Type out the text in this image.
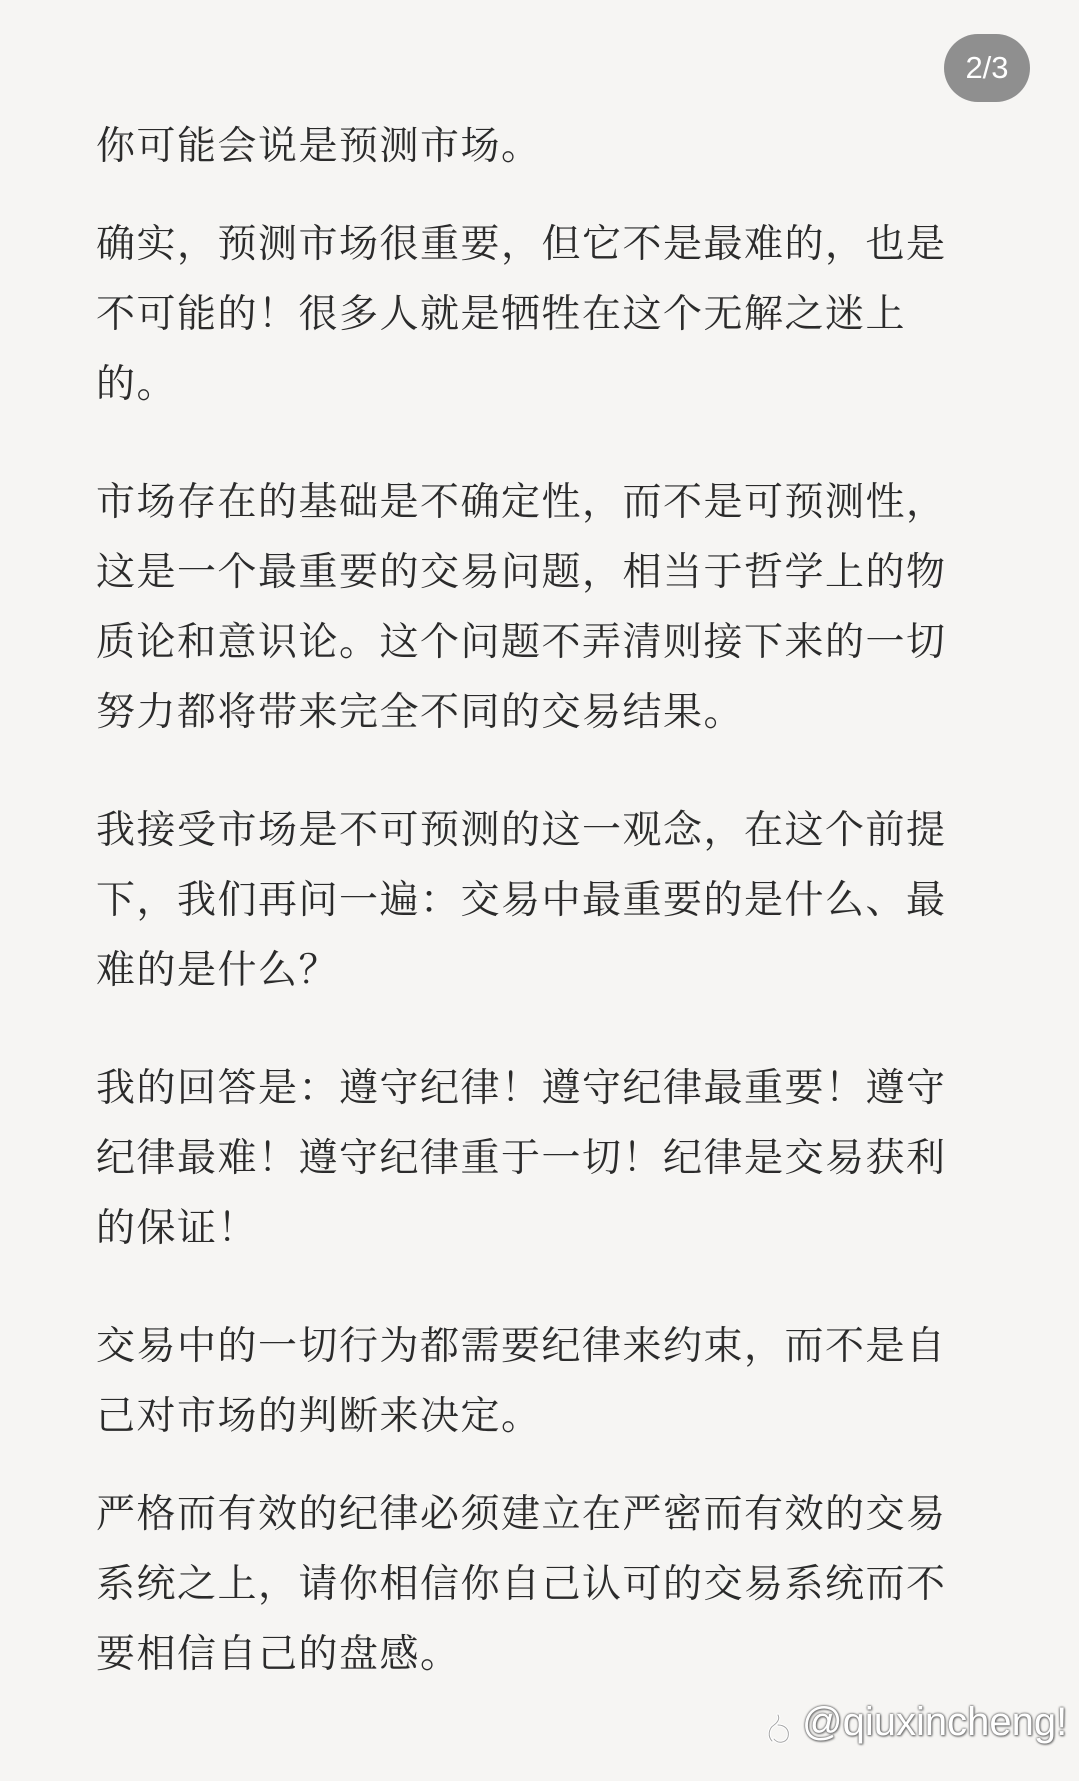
2/3

你可能会说是预测市场。

确实，预测市场很重要，但它不是最难的，也是
不可能的！很多人就是牺牲在这个无解之迷上
的。

市场存在的基础是不确定性，而不是可预测性，
这是一个最重要的交易问题，相当于哲学上的物
质论和意识论。这个问题不弄清则接下来的一切
努力都将带来完全不同的交易结果。

我接受市场是不可预测的这一观念，在这个前提
下，我们再问一遍：交易中最重要的是什么、最
难的是什么？

我的回答是：遵守纪律！遵守纪律最重要！遵守
纪律最难！遵守纪律重于一切！纪律是交易获利
的保证！

交易中的一切行为都需要纪律来约束，而不是自
己对市场的判断来决定。

严格而有效的纪律必须建立在严密而有效的交易
系统之上，请你相信你自己认可的交易系统而不
要相信自己的盘感。

@qiuxincheng!
